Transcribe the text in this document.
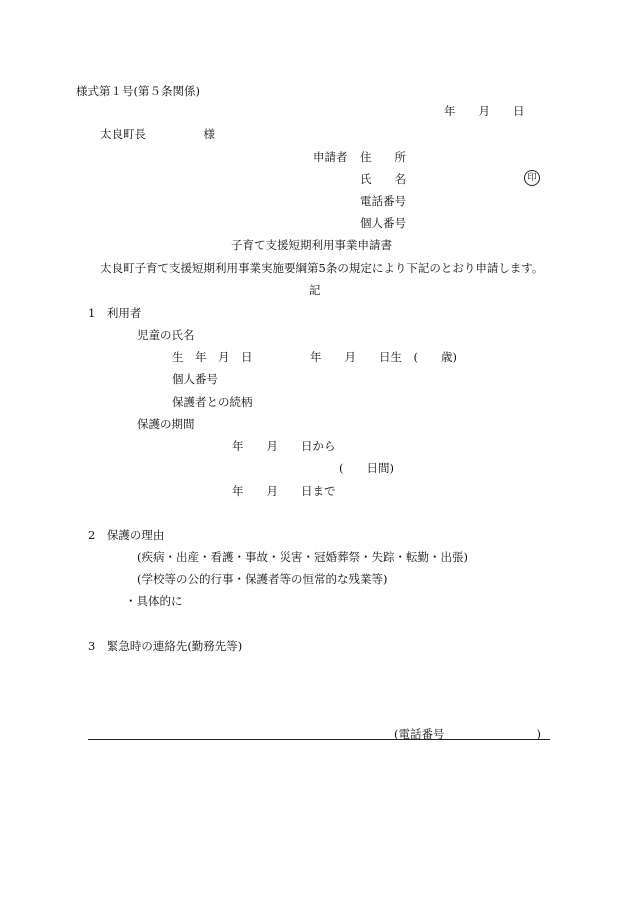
様式第１号(第５条関係)
年　　月　　日
太良町長　　　　　様
申請者 住　　所
氏　　名	印
電話番号
個人番号
子育て支援短期利用事業申請書
太良町子育て支援短期利用事業実施要綱第5条の規定により下記のとおり申請します。
記
1　利用者
児童の氏名
生　年　月　日　　　　　年　　月　　日生　(　　歳)
個人番号
保護者との続柄
保護の期間
年　　月　　日から
(　　日間)
年　　月　　日まで
2　保護の理由
(疾病・出産・看護・事故・災害・冠婚葬祭・失踪・転勤・出張)
(学校等の公的行事・保護者等の恒常的な残業等)
・具体的に
3　緊急時の連絡先(勤務先等)
(電話番号　　　　　　　　)
